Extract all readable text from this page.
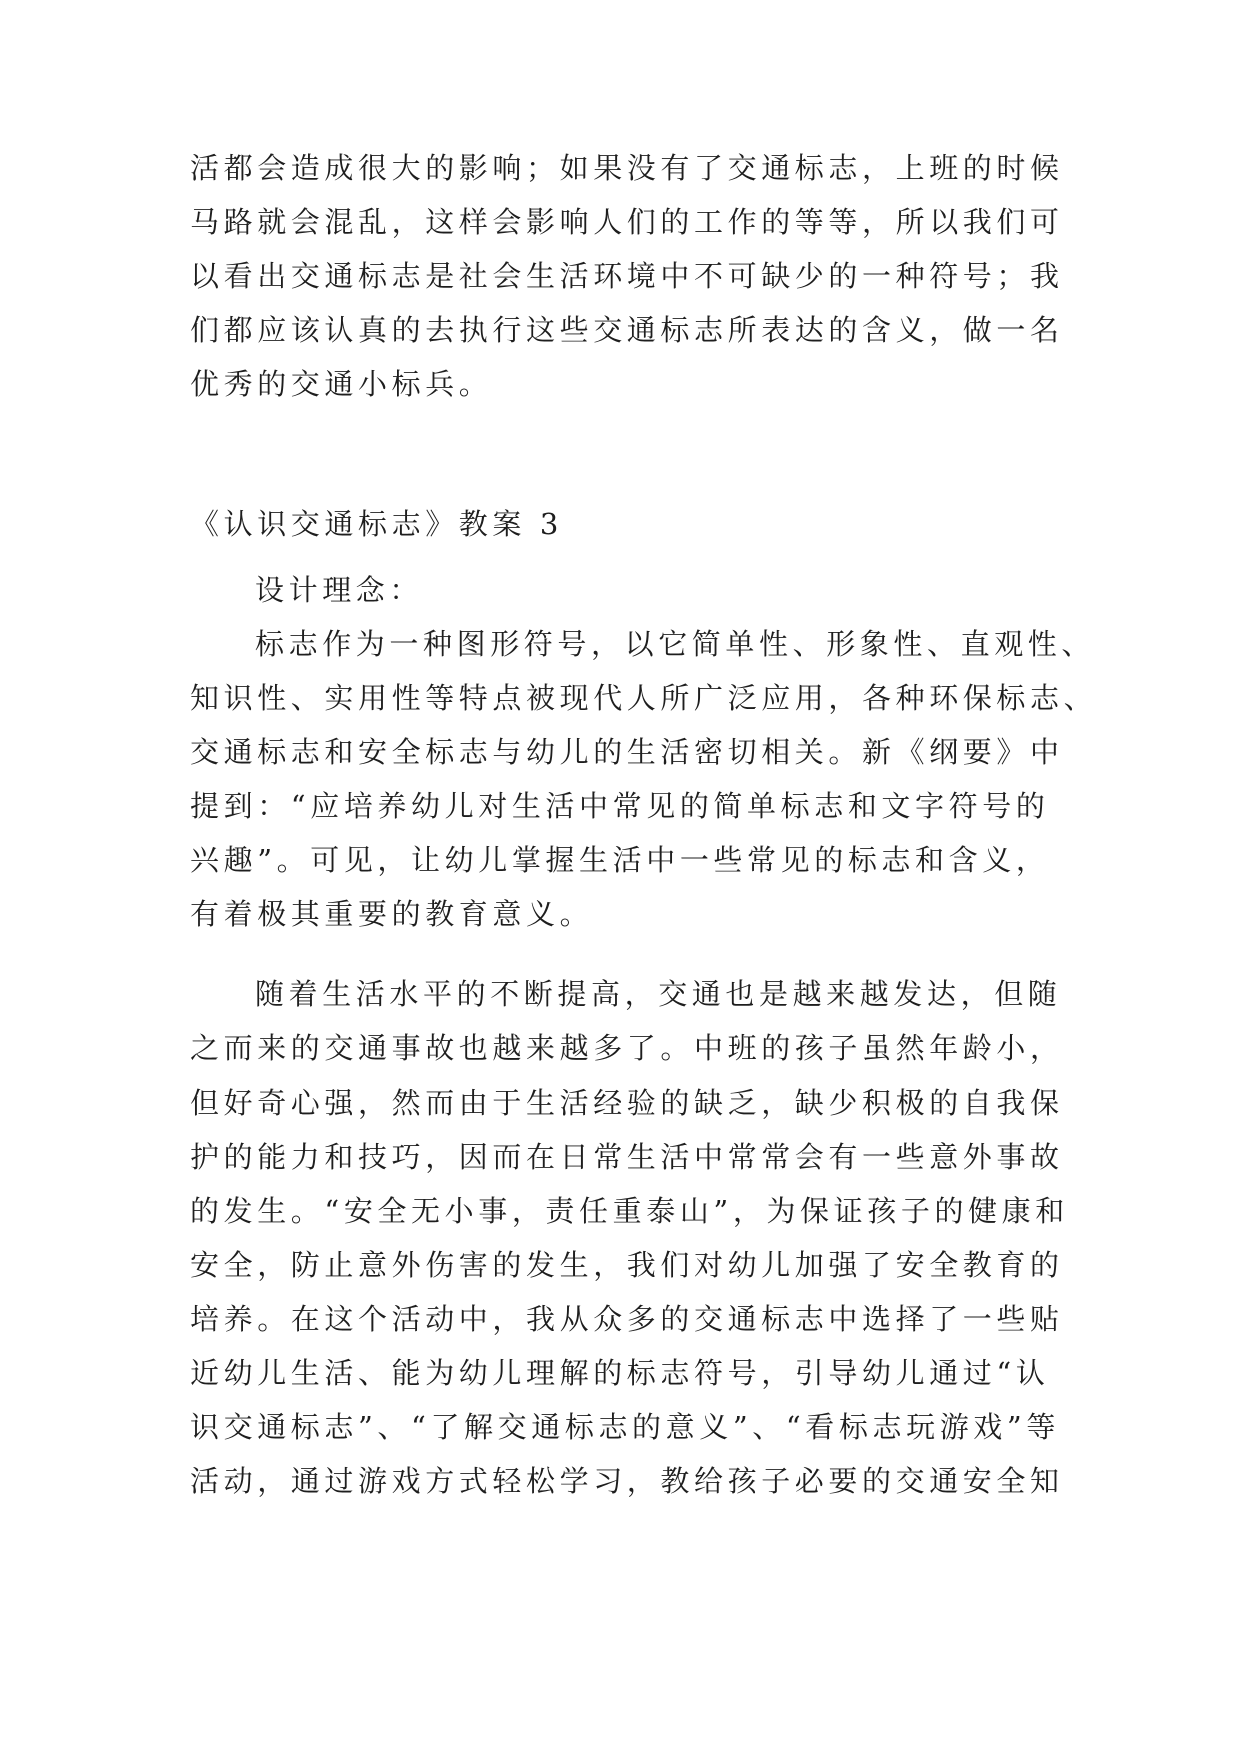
活都会造成很大的影响；如果没有了交通标志，上班的时候
马路就会混乱，这样会影响人们的工作的等等，所以我们可
以看出交通标志是社会生活环境中不可缺少的一种符号；我
们都应该认真的去执行这些交通标志所表达的含义，做一名
优秀的交通小标兵。
《认识交通标志》教案 3
设计理念：
标志作为一种图形符号，以它简单性、形象性、直观性、
知识性、实用性等特点被现代人所广泛应用，各种环保标志、
交通标志和安全标志与幼儿的生活密切相关。新《纲要》中
提到：“应培养幼儿对生活中常见的简单标志和文字符号的
兴趣”。可见，让幼儿掌握生活中一些常见的标志和含义，
有着极其重要的教育意义。
随着生活水平的不断提高，交通也是越来越发达，但随
之而来的交通事故也越来越多了。中班的孩子虽然年龄小，
但好奇心强，然而由于生活经验的缺乏，缺少积极的自我保
护的能力和技巧，因而在日常生活中常常会有一些意外事故
的发生。“安全无小事，责任重泰山”，为保证孩子的健康和
安全，防止意外伤害的发生，我们对幼儿加强了安全教育的
培养。在这个活动中，我从众多的交通标志中选择了一些贴
近幼儿生活、能为幼儿理解的标志符号，引导幼儿通过“认
识交通标志”、“了解交通标志的意义”、“看标志玩游戏”等
活动，通过游戏方式轻松学习，教给孩子必要的交通安全知
